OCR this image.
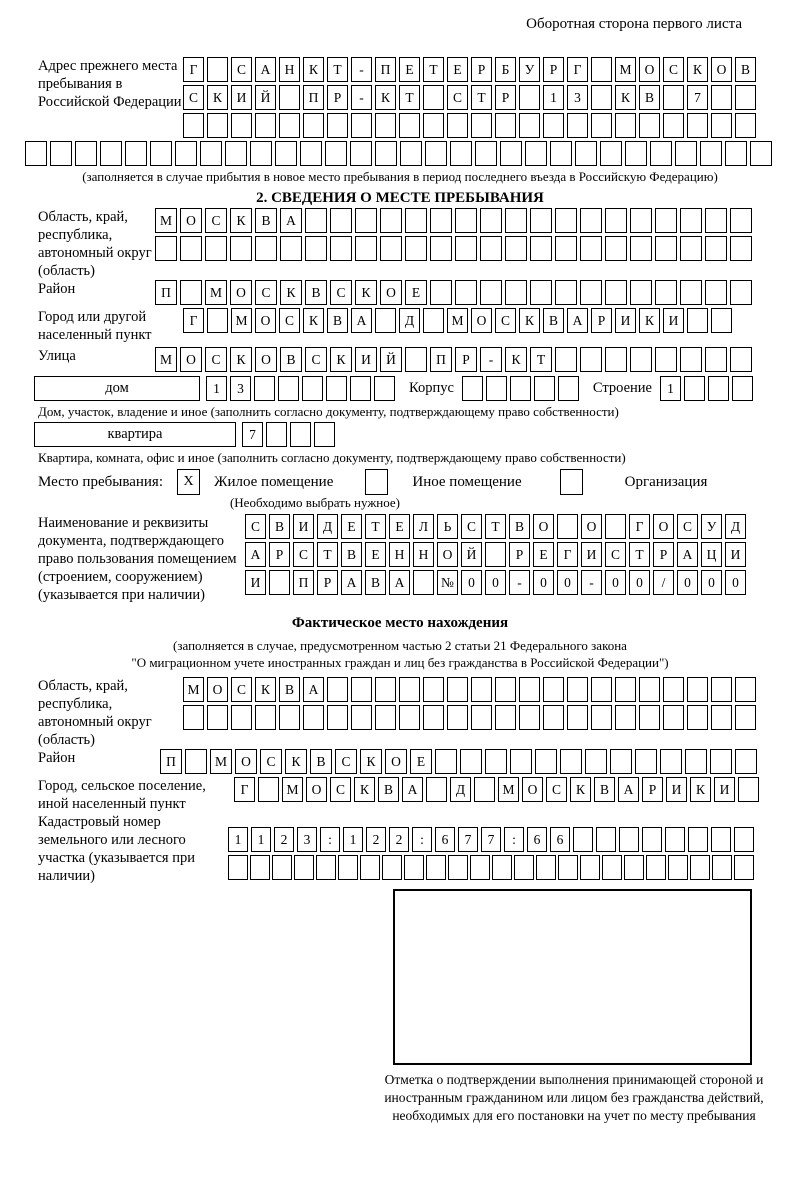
Оборотная сторона первого листа
Адрес прежнего места пребывания в Российской Федерации
Г	С	А	Н	К	Т	-	П	Е	Т	Е	Р	Б	У	Р	Г	М О	С	К	О	В
С	К	И	Й	П	Р	-	К	Т	С	Т	Р	1	3	К	В	7
(заполняется в случае прибытия в новое место пребывания в период последнего въезда в Российскую Федерацию)
2. СВЕДЕНИЯ О МЕСТЕ ПРЕБЫВАНИЯ
Область, край, республика, автономный округ (область)
М	О	С	К	В	А
Район	П	М	О	С	К	В	С	К	О	Е
Город или другой населенный пункт
Г	М О	С	К	В	А	Д	М О	С	К	В	А	Р	И	К	И
Улица	М	О	С	К	О	В	С	К	И	Й	П	Р	-	К	Т
дом	1	3	Корпус	Строение	1
Дом, участок, владение и иное (заполнить согласно документу, подтверждающему право собственности)
квартира	7
Квартира, комната, офис и иное (заполнить согласно документу, подтверждающему право собственности)
Место пребывания:	X	Жилое помещение	Иное помещение	Организация
(Необходимо выбрать нужное)
Наименование и реквизиты документа, подтверждающего право пользования помещением (строением, сооружением) (указывается при наличии)
С	В	И	Д	Е	Т	Е	Л	Ь	С	Т	В	О	О	Г	О	С	У	Д
А	Р	С	Т	В	Е	Н	Н	О	Й	Р	Е	Г	И	С	Т	Р	А	Ц	И
И	П	Р	А	В	А	№	0	0	-	0	0	-	0	0	/	0	0	0
Фактическое место нахождения
(заполняется в случае, предусмотренном частью 2 статьи 21 Федерального закона
"О миграционном учете иностранных граждан и лиц без гражданства в Российской Федерации")
Область, край, республика, автономный округ (область)
М О	С	К	В	А
Район	П	М	О	С	К	В	С	К	О	Е
Город, сельское поселение, иной населенный пункт
Г	М О	С	К	В	А	Д	М О	С	К	В	А	Р	И	К	И
Кадастровый номер земельного или лесного участка (указывается при наличии)
1	1	2	3	:	1	2	2	:	6	7	7	:	6	6
Отметка о подтверждении выполнения принимающей стороной и иностранным гражданином или лицом без гражданства действий, необходимых для его постановки на учет по месту пребывания
